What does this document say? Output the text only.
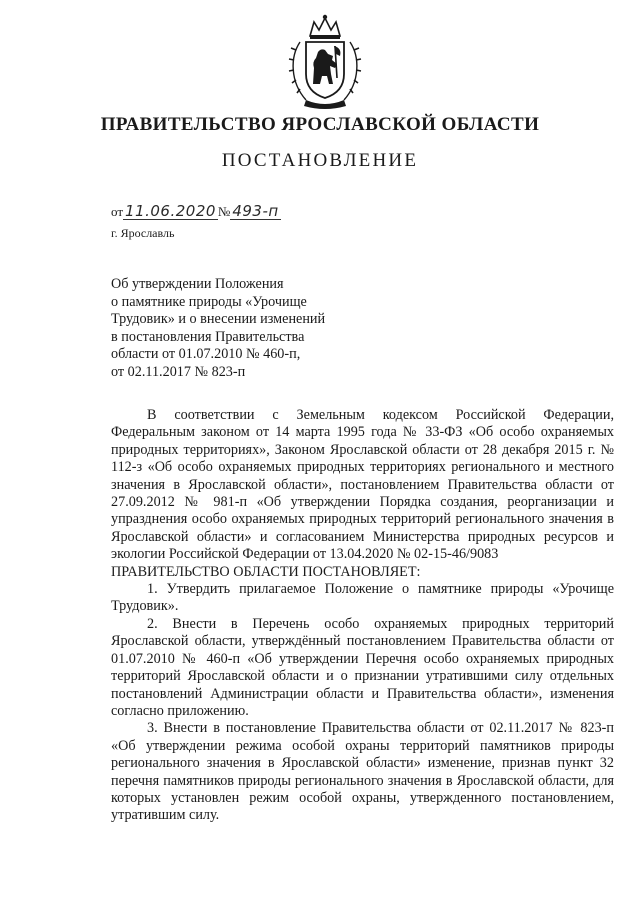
ПРАВИТЕЛЬСТВО ЯРОСЛАВСКОЙ ОБЛАСТИ
ПОСТАНОВЛЕНИЕ
от 11.06.2020 № 493-п
г. Ярославль
Об утверждении Положения
о памятнике природы «Урочище
Трудовик» и о внесении изменений
в постановления Правительства
области от 01.07.2010 № 460-п,
от 02.11.2017 № 823-п

В соответствии с Земельным кодексом Российской Федерации, Федеральным законом от 14 марта 1995 года № 33-ФЗ «Об особо охраняемых природных территориях», Законом Ярославской области от 28 декабря 2015 г. № 112-з «Об особо охраняемых природных территориях регионального и местного значения в Ярославской области», постановлением Правительства области от 27.09.2012 № 981-п «Об утверждении Порядка создания, реорганизации и упразднения особо охраняемых природных территорий регионального значения в Ярославской области» и согласованием Министерства природных ресурсов и экологии Российской Федерации от 13.04.2020 № 02-15-46/9083

ПРАВИТЕЛЬСТВО ОБЛАСТИ ПОСТАНОВЛЯЕТ:

1. Утвердить прилагаемое Положение о памятнике природы «Урочище Трудовик».

2. Внести в Перечень особо охраняемых природных территорий Ярославской области, утверждённый постановлением Правительства области от 01.07.2010 № 460-п «Об утверждении Перечня особо охраняемых природных территорий Ярославской области и о признании утратившими силу отдельных постановлений Администрации области и Правительства области», изменения согласно приложению.

3. Внести в постановление Правительства области от 02.11.2017 № 823-п «Об утверждении режима особой охраны территорий памятников природы регионального значения в Ярославской области» изменение, признав пункт 32 перечня памятников природы регионального значения в Ярославской области, для которых установлен режим особой охраны, утвержденного постановлением, утратившим силу.
